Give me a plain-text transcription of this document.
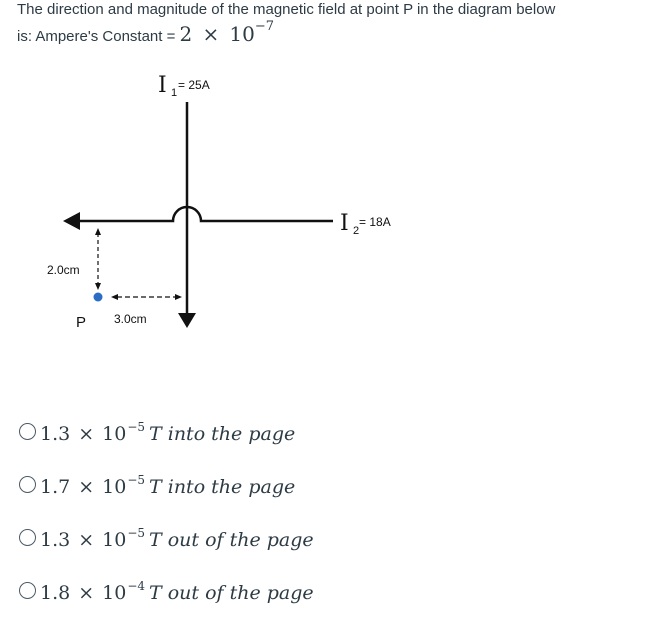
The direction and magnitude of the magnetic field at point P in the diagram below
is: Ampere's Constant = 2 × 10−7
I 1
= 25A
I 2
= 18A
2.0cm
P 3.0cm
$1.3 \times 10^{-5}$ T into the page
$1.7 \times 10^{-5}$ T into the page
$1.3 \times 10^{-5}$ T out of the page
$1.8 \times 10^{-4}$ T out of the page
